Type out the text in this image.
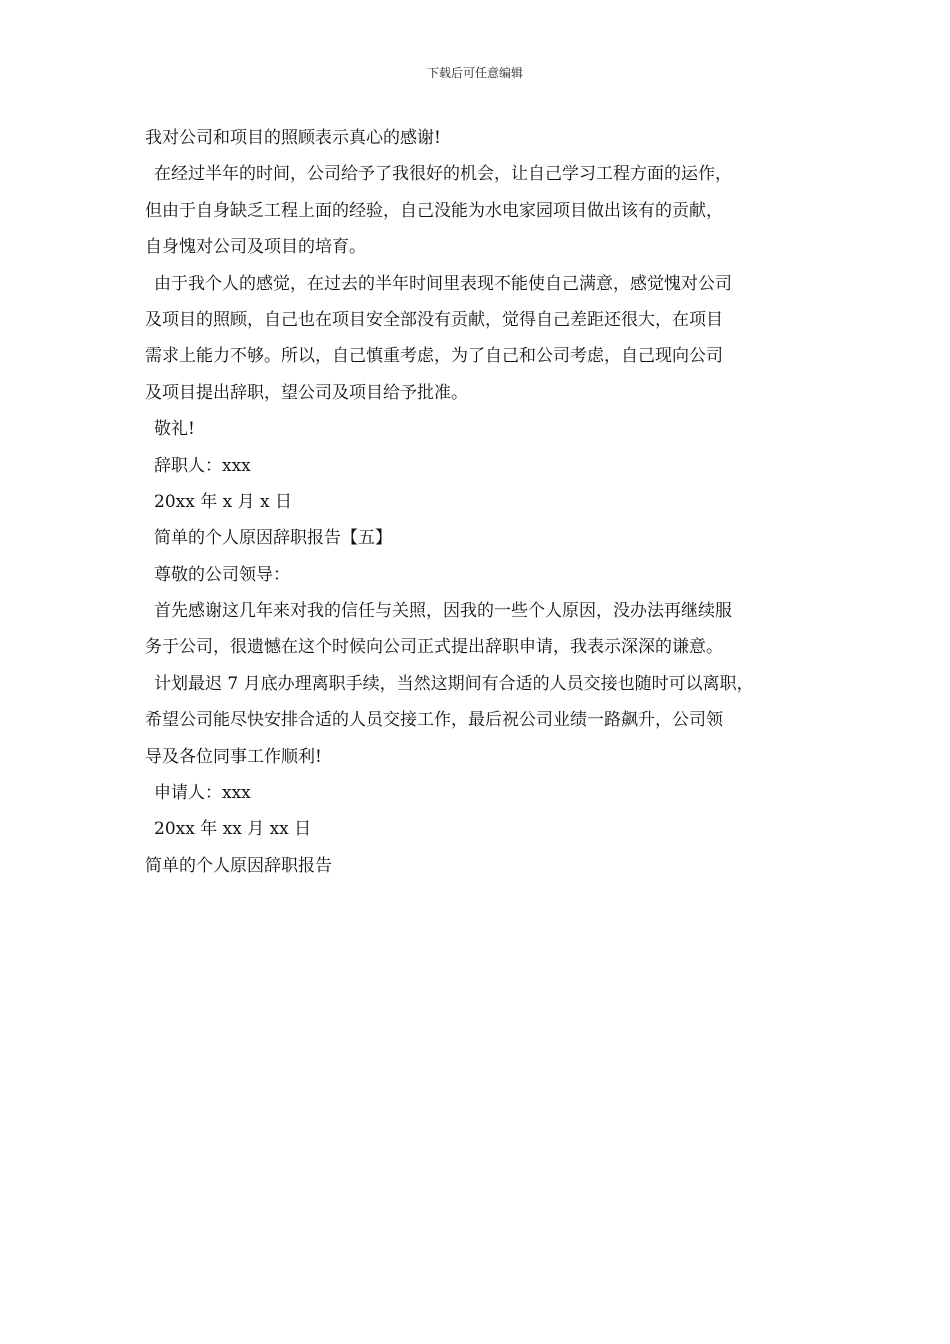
下载后可任意编辑
我对公司和项目的照顾表示真心的感谢!
在经过半年的时间，公司给予了我很好的机会，让自己学习工程方面的运作，
但由于自身缺乏工程上面的经验，自己没能为水电家园项目做出该有的贡献，
自身愧对公司及项目的培育。
由于我个人的感觉，在过去的半年时间里表现不能使自己满意，感觉愧对公司
及项目的照顾，自己也在项目安全部没有贡献，觉得自己差距还很大，在项目
需求上能力不够。所以，自己慎重考虑，为了自己和公司考虑，自己现向公司
及项目提出辞职，望公司及项目给予批准。
敬礼!
辞职人：xxx
20xx 年 x 月 x 日
简单的个人原因辞职报告【五】
尊敬的公司领导：
首先感谢这几年来对我的信任与关照，因我的一些个人原因，没办法再继续服
务于公司，很遗憾在这个时候向公司正式提出辞职申请，我表示深深的谦意。
计划最迟 7 月底办理离职手续，当然这期间有合适的人员交接也随时可以离职，
希望公司能尽快安排合适的人员交接工作，最后祝公司业绩一路飙升，公司领
导及各位同事工作顺利!
申请人：xxx
20xx 年 xx 月 xx 日
简单的个人原因辞职报告
